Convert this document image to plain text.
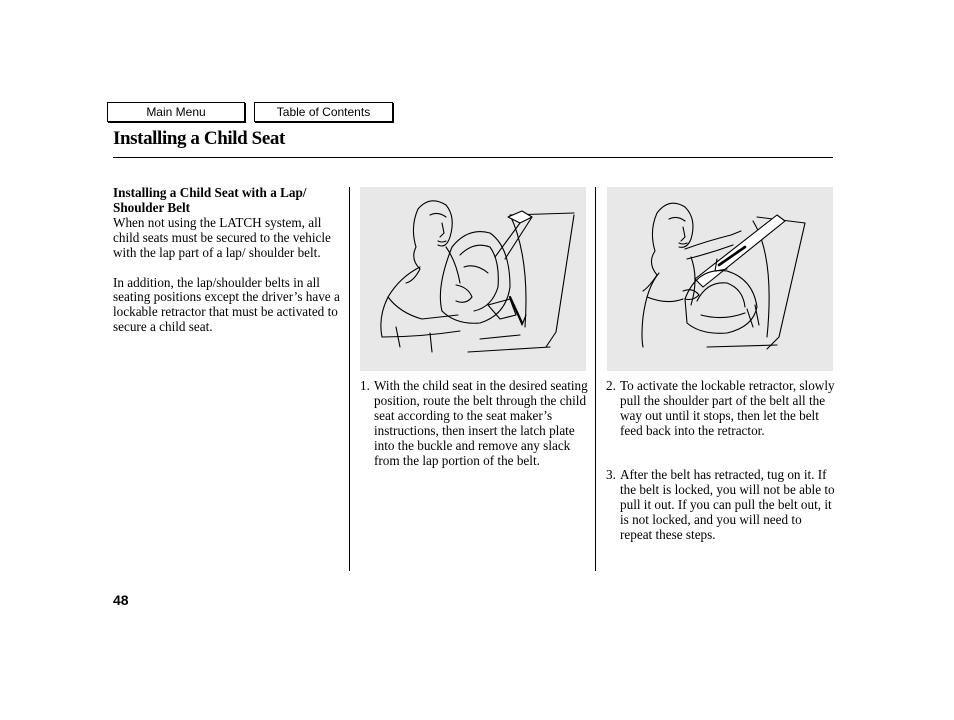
Main Menu	Table of Contents
Installing a Child Seat
Installing a Child Seat with a Lap/ Shoulder Belt

When not using the LATCH system, all child seats must be secured to the vehicle with the lap part of a lap/ shoulder belt.

In addition, the lap/shoulder belts in all seating positions except the driver’s have a lockable retractor that must be activated to secure a child seat.

1. With the child seat in the desired seating position, route the belt through the child seat according to the seat maker’s instructions, then insert the latch plate into the buckle and remove any slack from the lap portion of the belt.
2. To activate the lockable retractor, slowly pull the shoulder part of the belt all the way out until it stops, then let the belt feed back into the retractor.
3. After the belt has retracted, tug on it. If the belt is locked, you will not be able to pull it out. If you can pull the belt out, it is not locked, and you will need to repeat these steps.
48
